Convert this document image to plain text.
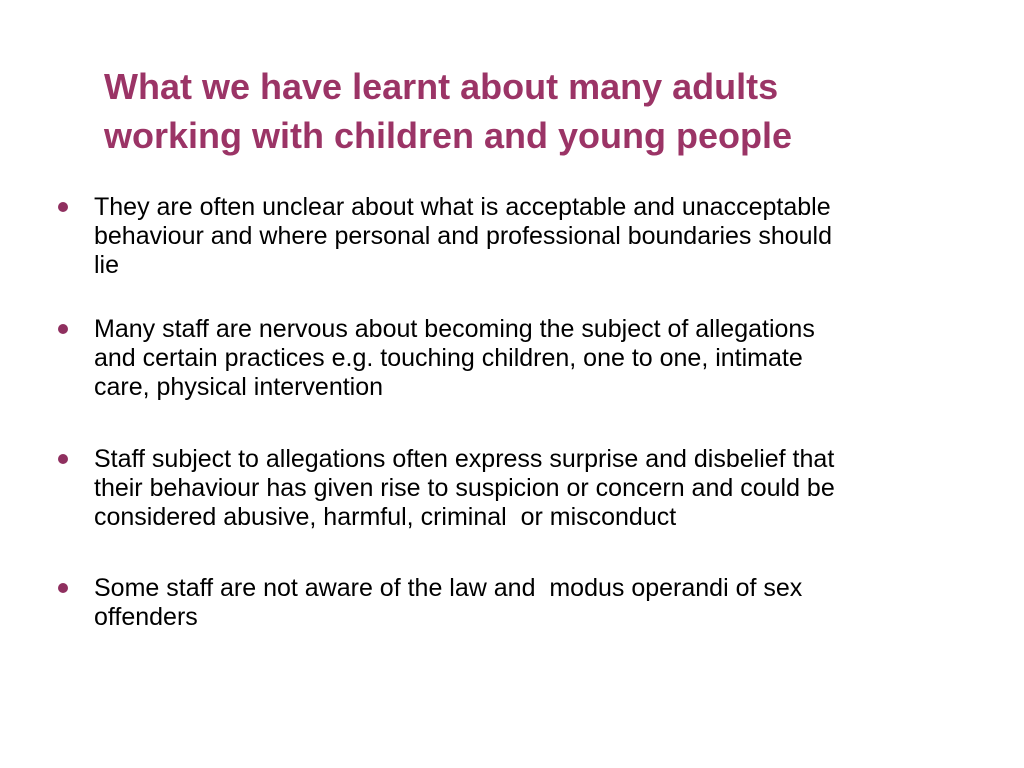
What we have learnt about many adults
working with children and young people
They are often unclear about what is acceptable and unacceptable
behaviour and where personal and professional boundaries should
lie
Many staff are nervous about becoming the subject of allegations
and certain practices e.g. touching children, one to one, intimate
care, physical intervention
Staff subject to allegations often express surprise and disbelief that
their behaviour has given rise to suspicion or concern and could be
considered abusive, harmful, criminal  or misconduct
Some staff are not aware of the law and  modus operandi of sex
offenders
